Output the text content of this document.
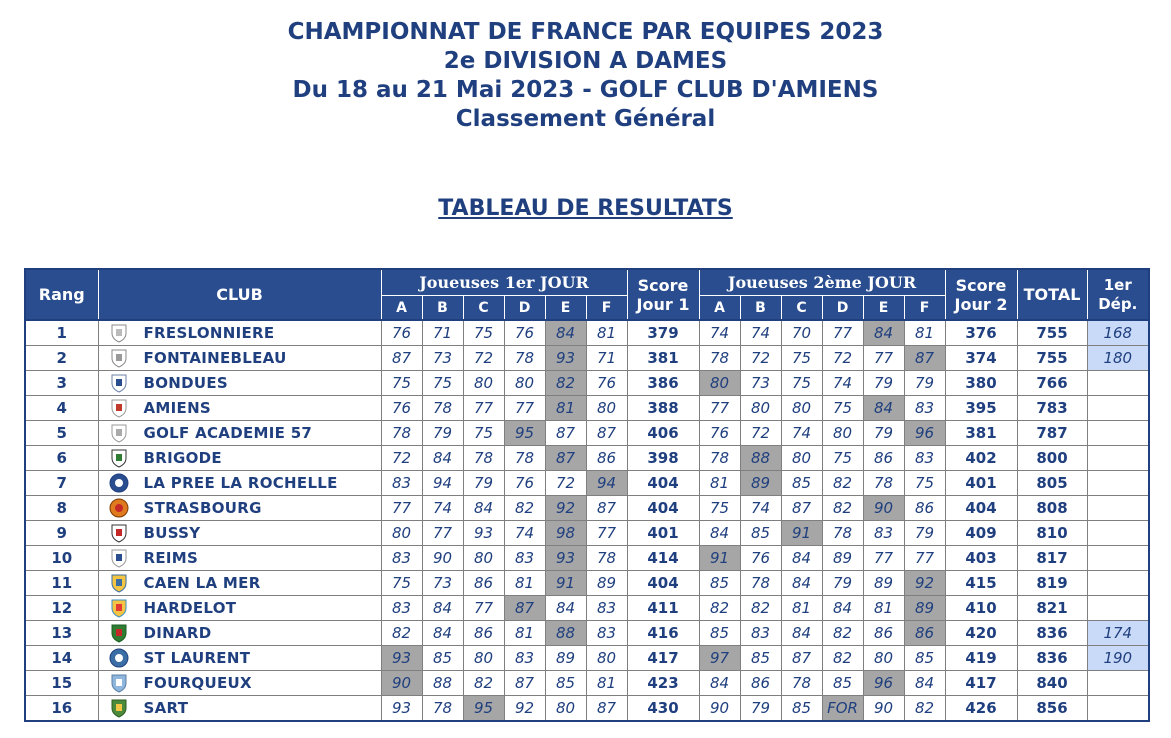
CHAMPIONNAT DE FRANCE PAR EQUIPES 2023
2e DIVISION A DAMES
Du 18 au 21 Mai 2023 - GOLF CLUB D'AMIENS
Classement Général
TABLEAU DE RESULTATS
Rang	CLUB	Joueuses 1er JOUR						Score Jour 1	Joueuses 2ème JOUR						Score Jour 2	TOTAL	1er Dép.
		A	B	C	D	E	F		A	B	C	D	E	F			
1	FRESLONNIERE	76	71	75	76	84	81	379	74	74	70	77	84	81	376	755	168
2	FONTAINEBLEAU	87	73	72	78	93	71	381	78	72	75	72	77	87	374	755	180
3	BONDUES	75	75	80	80	82	76	386	80	73	75	74	79	79	380	766	
4	AMIENS	76	78	77	77	81	80	388	77	80	80	75	84	83	395	783	
5	GOLF ACADEMIE 57	78	79	75	95	87	87	406	76	72	74	80	79	96	381	787	
6	BRIGODE	72	84	78	78	87	86	398	78	88	80	75	86	83	402	800	
7	LA PREE LA ROCHELLE	83	94	79	76	72	94	404	81	89	85	82	78	75	401	805	
8	STRASBOURG	77	74	84	82	92	87	404	75	74	87	82	90	86	404	808	
9	BUSSY	80	77	93	74	98	77	401	84	85	91	78	83	79	409	810	
10	REIMS	83	90	80	83	93	78	414	91	76	84	89	77	77	403	817	
11	CAEN LA MER	75	73	86	81	91	89	404	85	78	84	79	89	92	415	819	
12	HARDELOT	83	84	77	87	84	83	411	82	82	81	84	81	89	410	821	
13	DINARD	82	84	86	81	88	83	416	85	83	84	82	86	86	420	836	174
14	ST LAURENT	93	85	80	83	89	80	417	97	85	87	82	80	85	419	836	190
15	FOURQUEUX	90	88	82	87	85	81	423	84	86	78	85	96	84	417	840	
16	SART	93	78	95	92	80	87	430	90	79	85	FOR	90	82	426	856	
